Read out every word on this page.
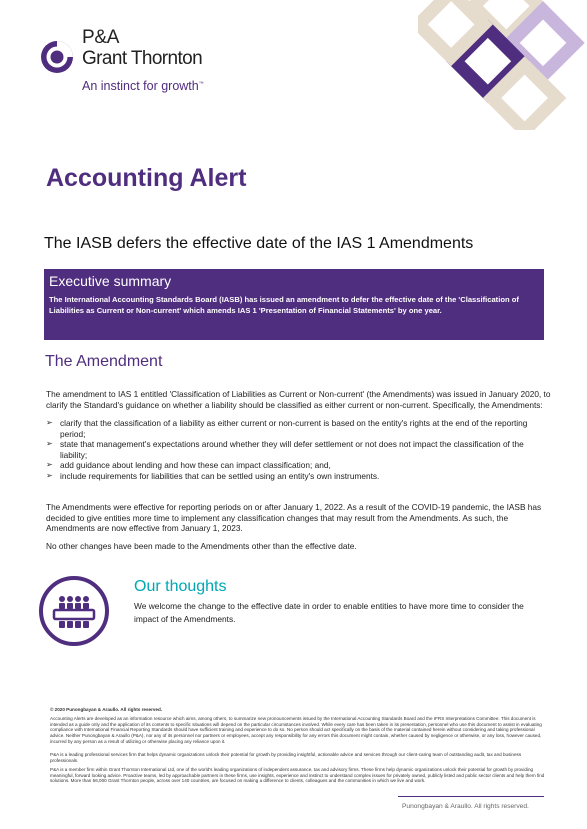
P&A
Grant Thornton
An instinct for growth™
Accounting Alert
The IASB defers the effective date of the IAS 1 Amendments
Executive summary
The International Accounting Standards Board (IASB) has issued an amendment to defer the effective date of the 'Classification of Liabilities as Current or Non-current' which amends IAS 1 'Presentation of Financial Statements' by one year.
The Amendment
The amendment to IAS 1 entitled 'Classification of Liabilities as Current or Non-current' (the Amendments) was issued in January 2020, to clarify the Standard's guidance on whether a liability should be classified as either current or non-current. Specifically, the Amendments:
➢ clarify that the classification of a liability as either current or non-current is based on the entity's rights at the end of the reporting period;
➢ state that management's expectations around whether they will defer settlement or not does not impact the classification of the liability;
➢ add guidance about lending and how these can impact classification; and,
➢ include requirements for liabilities that can be settled using an entity's own instruments.
The Amendments were effective for reporting periods on or after January 1, 2022. As a result of the COVID-19 pandemic, the IASB has decided to give entities more time to implement any classification changes that may result from the Amendments. As such, the Amendments are now effective from January 1, 2023.
No other changes have been made to the Amendments other than the effective date.
Our thoughts
We welcome the change to the effective date in order to enable entities to have more time to consider the impact of the Amendments.
© 2020 Punongbayan & Araullo. All rights reserved.
Accounting Alerts are developed as an information resource which aims, among others, to summarize new pronouncements issued by the International Accounting Standards Board and the IFRS Interpretations Committee. This document is intended as a guide only and the application of its contents to specific situations will depend on the particular circumstances involved. While every care has been taken in its presentation, personnel who use this document to assist in evaluating compliance with International Financial Reporting Standards should have sufficient training and experience to do so. No person should act specifically on the basis of the material contained herein without considering and taking professional advice. Neither Punongbayan & Araullo (P&A), nor any of its personnel nor partners or employees, accept any responsibility for any errors this document might contain, whether caused by negligence or otherwise, or any loss, however caused, incurred by any person as a result of utilizing or otherwise placing any reliance upon it.
P&A is a leading professional services firm that helps dynamic organizations unlock their potential for growth by providing insightful, actionable advice and services through our client-caring team of outstanding audit, tax and business professionals.
P&A is a member firm within Grant Thornton International Ltd, one of the world's leading organizations of independent assurance, tax and advisory firms. These firms help dynamic organizations unlock their potential for growth by providing meaningful, forward looking advice. Proactive teams, led by approachable partners in these firms, use insights, experience and instinct to understand complex issues for privately owned, publicly listed and public sector clients and help them find solutions. More than 56,000 Grant Thornton people, across over 140 countries, are focused on making a difference to clients, colleagues and the communities in which we live and work.
Punongbayan & Araullo. All rights reserved.
